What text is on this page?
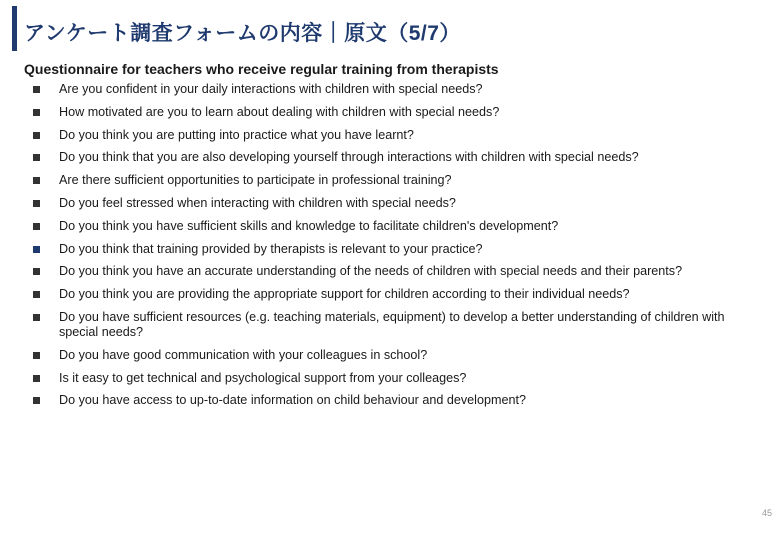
アンケート調査フォームの内容｜原文（5/7）

Questionnaire for teachers who receive regular training from therapists

Are you confident in your daily interactions with children with special needs?
How motivated are you to learn about dealing with children with special needs?
Do you think you are putting into practice what you have learnt?
Do you think that you are also developing yourself through interactions with children with special needs?
Are there sufficient opportunities to participate in professional training?
Do you feel stressed when interacting with children with special needs?
Do you think you have sufficient skills and knowledge to facilitate children's development?
Do you think that training provided by therapists is relevant to your practice?
Do you think you have an accurate understanding of the needs of children with special needs and their parents?
Do you think you are providing the appropriate support for children according to their individual needs?
Do you have sufficient resources (e.g. teaching materials, equipment) to develop a better understanding of children with special needs?
Do you have good communication with your colleagues in school?
Is it easy to get technical and psychological support from your colleages?
Do you have access to up-to-date information on child behaviour and development?
45
